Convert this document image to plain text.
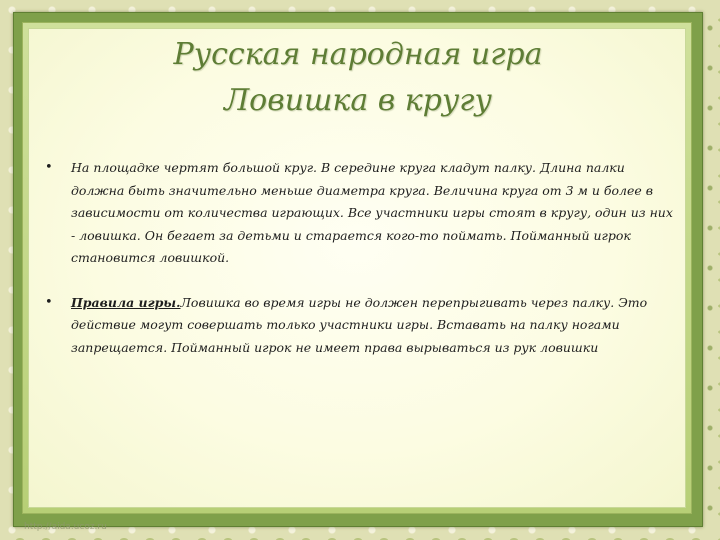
Русская народная игра
Ловишка в кругу
• На площадке чертят большой круг. В середине круга кладут палку. Длина палки должна быть значительно меньше диаметра круга. Величина круга от 3 м и более в зависимости от количества играющих. Все участники игры стоят в кругу, один из них - ловишка. Он бегает за детьми и старается кого-то поймать. Пойманный игрок становится ловишкой.
• Правила игры.Ловишка во время игры не должен перепрыгивать через палку. Это действие могут совершать только участники игры. Вставать на палку ногами запрещается. Пойманный игрок не имеет права вырываться из рук ловишки
http://aida.ucoz.ru
